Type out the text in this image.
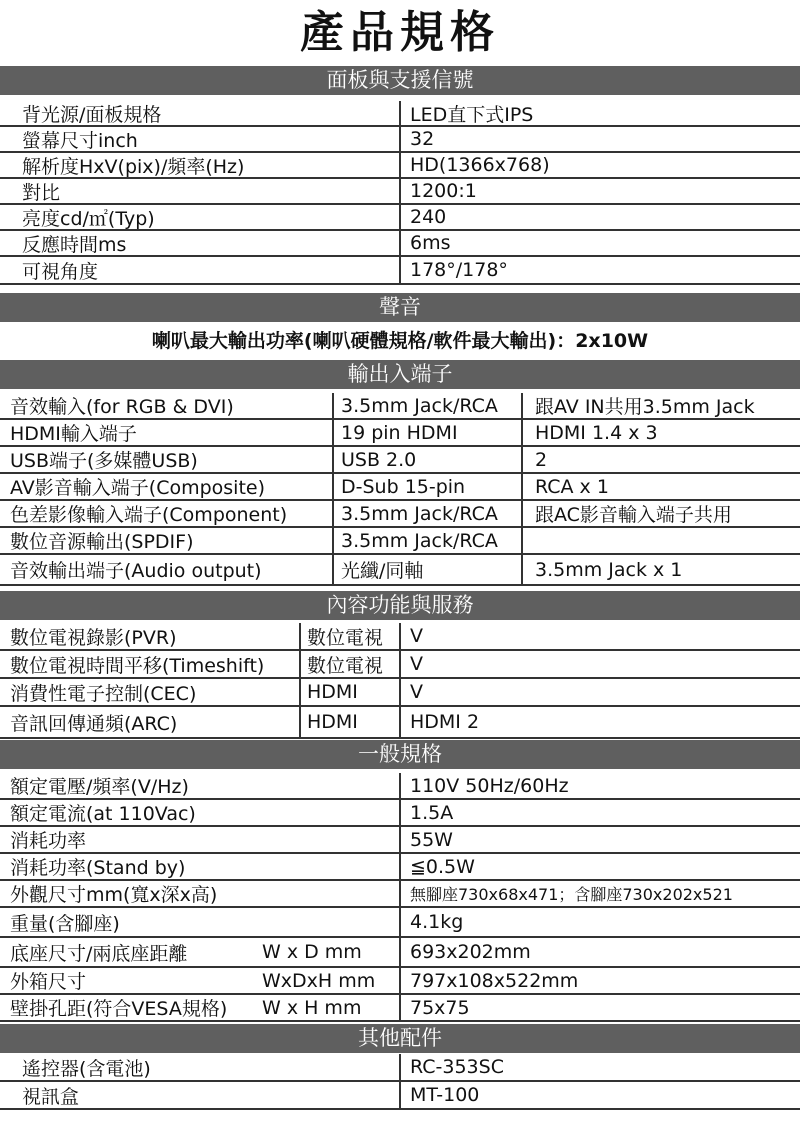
產品規格
面板與支援信號
背光源/面板規格	LED直下式IPS
螢幕尺寸inch	32
解析度HxV(pix)/頻率(Hz)	HD(1366x768)
對比	1200:1
亮度cd/㎡(Typ)	240
反應時間ms	6ms
可視角度	178°/178°
聲音
喇叭最大輸出功率(喇叭硬體規格/軟件最大輸出)：2x10W
輸出入端子
音效輸入(for RGB & DVI)	3.5mm Jack/RCA	跟AV IN共用3.5mm Jack
HDMI輸入端子	19 pin HDMI	HDMI 1.4 x 3
USB端子(多媒體USB)	USB 2.0	2
AV影音輸入端子(Composite)	D-Sub 15-pin	RCA x 1
色差影像輸入端子(Component)	3.5mm Jack/RCA	跟AC影音輸入端子共用
數位音源輸出(SPDIF)	3.5mm Jack/RCA
音效輸出端子(Audio output)	光纖/同軸	3.5mm Jack x 1
內容功能與服務
數位電視錄影(PVR)	數位電視	V
數位電視時間平移(Timeshift)	數位電視	V
消費性電子控制(CEC)	HDMI	V
音訊回傳通頻(ARC)	HDMI	HDMI 2
一般規格
額定電壓/頻率(V/Hz)	110V 50Hz/60Hz
額定電流(at 110Vac)	1.5A
消耗功率	55W
消耗功率(Stand by)	≦0.5W
外觀尺寸mm(寬x深x高)	無腳座730x68x471；含腳座730x202x521
重量(含腳座)	4.1kg
底座尺寸/兩底座距離	W x D mm	693x202mm
外箱尺寸	WxDxH mm	797x108x522mm
壁掛孔距(符合VESA規格)	W x H mm	75x75
其他配件
遙控器(含電池)	RC-353SC
視訊盒	MT-100
